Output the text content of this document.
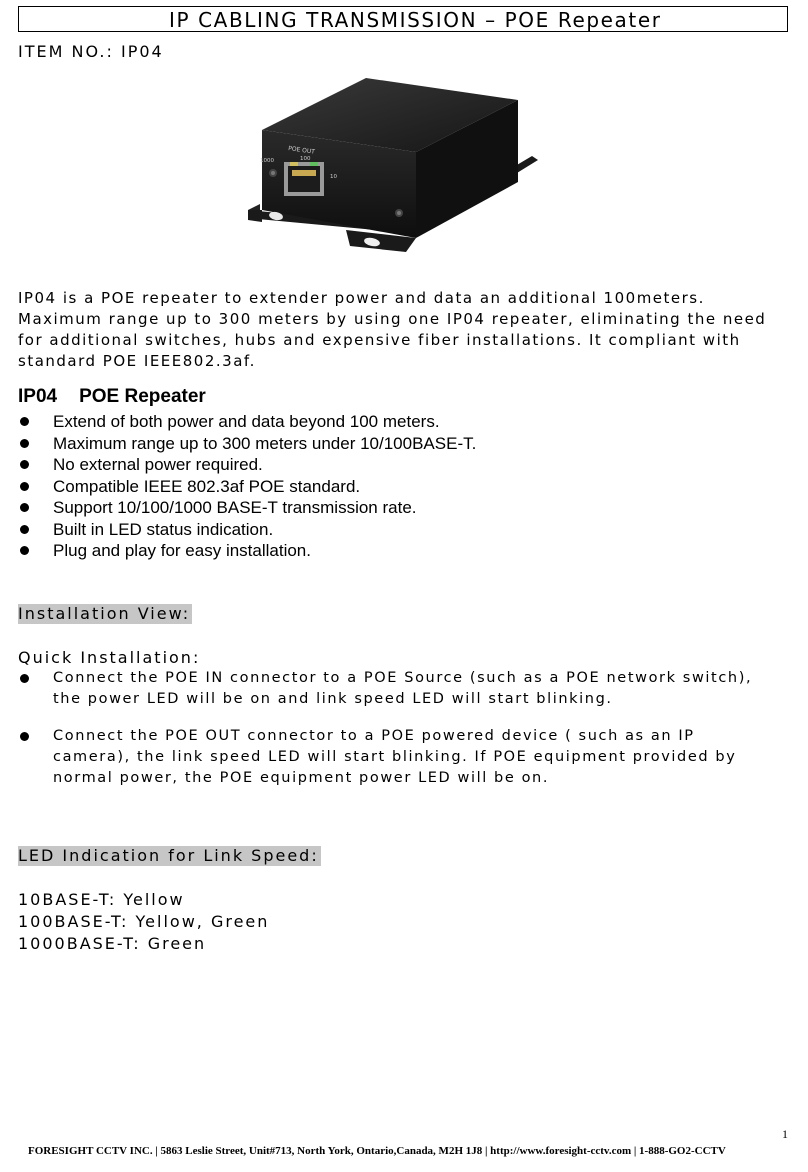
IP CABLING TRANSMISSION – POE Repeater
ITEM NO.: IP04
POE OUT
1000	100
10
IP04 is a POE repeater to extender power and data an additional 100meters.
Maximum range up to 300 meters by using one IP04 repeater, eliminating the need
for additional switches, hubs and expensive fiber installations. It compliant with
standard POE IEEE802.3af.
IP04 POE Repeater
Extend of both power and data beyond 100 meters.
Maximum range up to 300 meters under 10/100BASE-T.
No external power required.
Compatible IEEE 802.3af POE standard.
Support 10/100/1000 BASE-T transmission rate.
Built in LED status indication.
Plug and play for easy installation.
Installation View:
Quick Installation:
Connect the POE IN connector to a POE Source (such as a POE network switch),
the power LED will be on and link speed LED will start blinking.
Connect the POE OUT connector to a POE powered device ( such as an IP
camera), the link speed LED will start blinking. If POE equipment provided by
normal power, the POE equipment power LED will be on.
LED Indication for Link Speed:
10BASE-T: Yellow
100BASE-T: Yellow, Green
1000BASE-T: Green
1
FORESIGHT CCTV INC. | 5863 Leslie Street, Unit#713, North York, Ontario,Canada, M2H 1J8 | http://www.foresight-cctv.com | 1-888-GO2-CCTV
